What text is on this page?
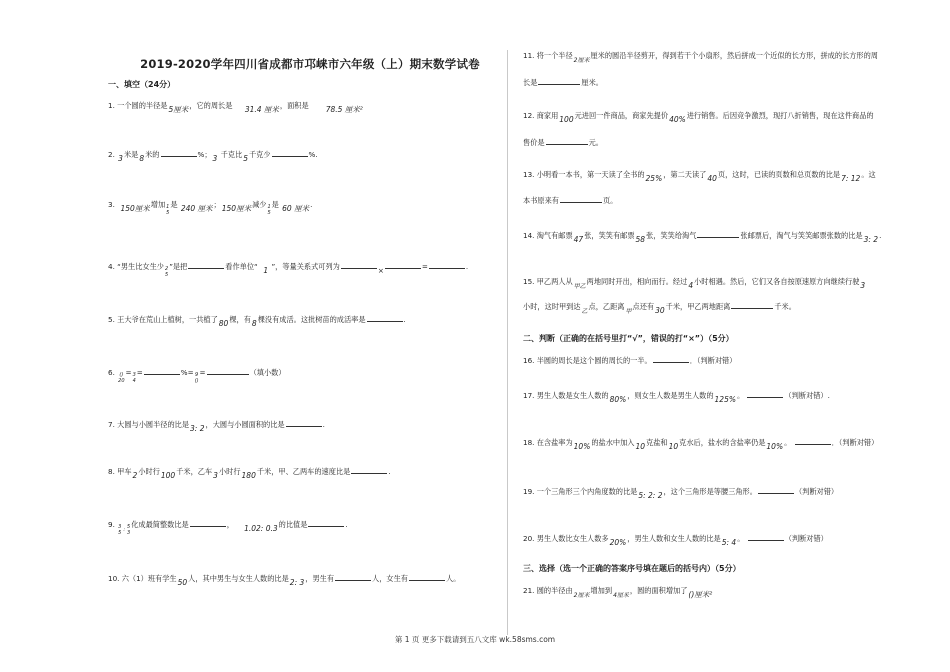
2019-2020学年四川省成都市邛崃市六年级（上）期末数学试卷
一、填空（24分）
1. 一个圆的半径是5厘米，它的周长是 31.4 厘米，面积是 78.5 厘米²
2. 3米是8米的	%；3 千克比5千克少	%.
3. 150厘米增加 1
5
是 240 厘米；150厘米减少 1
5
是 60 厘米.
4. “男生比女生少 2
5
”是把	看作单位“ 1 ”，等量关系式可列为	×	=	.
5. 王大爷在荒山上植树，一共植了80棵，有8棵没有成活。这批树苗的成活率是	.
6. ()
20
= 3
4
=	%= 9
()
=	（填小数）
7. 大圆与小圆半径的比是3: 2，大圆与小圆面积的比是	.
8. 甲车2小时行100千米，乙车3小时行180千米，甲、乙两车的速度比是	.
9. 3
5 : 5
3
化成最简整数比是	， 1.02: 0.3的比值是	.
10. 六（1）班有学生50人，其中男生与女生人数的比是2: 3，男生有	人，女生有	人。
11. 将一个半径$_{2厘米}$厘米的圆沿半径剪开，得到若干个小扇形，然后拼成一个近似的长方形，拼成的长方形的周
长是	厘米。
12. 商家用100元进回一件商品，商家先提价40%进行销售。后因竞争激烈，现打八折销售，现在这件商品的
售价是	元。
13. 小明看一本书，第一天读了全书的25%，第二天读了40页，这时，已读的页数和总页数的比是7: 12。这
本书原来有	页。
14. 淘气有邮票47张，笑笑有邮票58张，笑笑给淘气	张邮票后，淘气与笑笑邮票张数的比是3: 2.
15. 甲乙两人从$_{甲乙}$两地同时开出，相向而行。经过4小时相遇。然后，它们又各自按原速原方向继续行驶3
小时，这时甲到达$_乙$点，乙距离$_甲$点还有30千米，甲乙两地距离	千米。
二、判断（正确的在括号里打“√”，错误的打“×”）（5分）
16. 半圆的周长是这个圆的周长的一半。	．（判断对错）
17. 男生人数是女生人数的80%，则女生人数是男生人数的125%。	（判断对错）.
18. 在含盐率为10%的盐水中加入10克盐和10克水后，盐水的含盐率仍是10%。	．（判断对错）
19. 一个三角形三个内角度数的比是5: 2: 2，这个三角形是等腰三角形。	（判断对错）
20. 男生人数比女生人数多20%，男生人数和女生人数的比是5: 4。	（判断对错）
三、选择（选一个正确的答案序号填在题后的括号内）（5分）
21. 圆的半径由$_{2厘米}$增加到$_{4厘米}$，圆的面积增加了()厘米²
第 1 页 更多下载请到五八文库 wk.58sms.com
